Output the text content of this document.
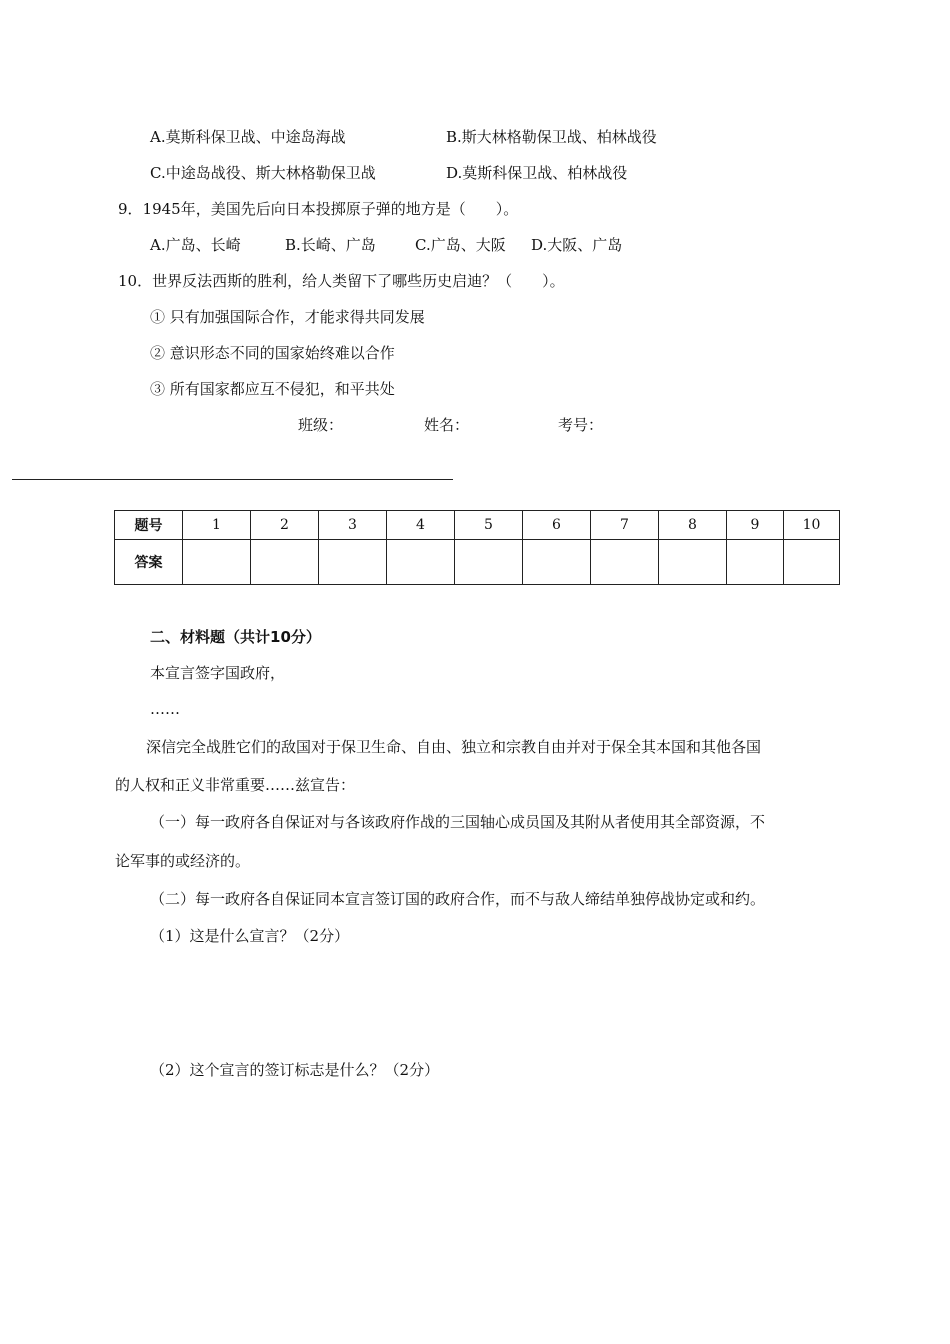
A.莫斯科保卫战、中途岛海战	B.斯大林格勒保卫战、柏林战役
C.中途岛战役、斯大林格勒保卫战	D.莫斯科保卫战、柏林战役
9．1945年，美国先后向日本投掷原子弹的地方是（　　）。
A.广岛、长崎	B.长崎、广岛	C.广岛、大阪 D.大阪、广岛
10．世界反法西斯的胜利，给人类留下了哪些历史启迪？（　　）。
① 只有加强国际合作，才能求得共同发展
② 意识形态不同的国家始终难以合作
③ 所有国家都应互不侵犯，和平共处
班级：	姓名：	考号：
题号	1	2	3	4	5	6	7	8	9	10
答案										
二、材料题（共计10分）
本宣言签字国政府，
……
深信完全战胜它们的敌国对于保卫生命、自由、独立和宗教自由并对于保全其本国和其他各国
的人权和正义非常重要……兹宣告：
（一）每一政府各自保证对与各该政府作战的三国轴心成员国及其附从者使用其全部资源，不
论军事的或经济的。
（二）每一政府各自保证同本宣言签订国的政府合作，而不与敌人缔结单独停战协定或和约。
（1）这是什么宣言？（2分）
（2）这个宣言的签订标志是什么？（2分）
